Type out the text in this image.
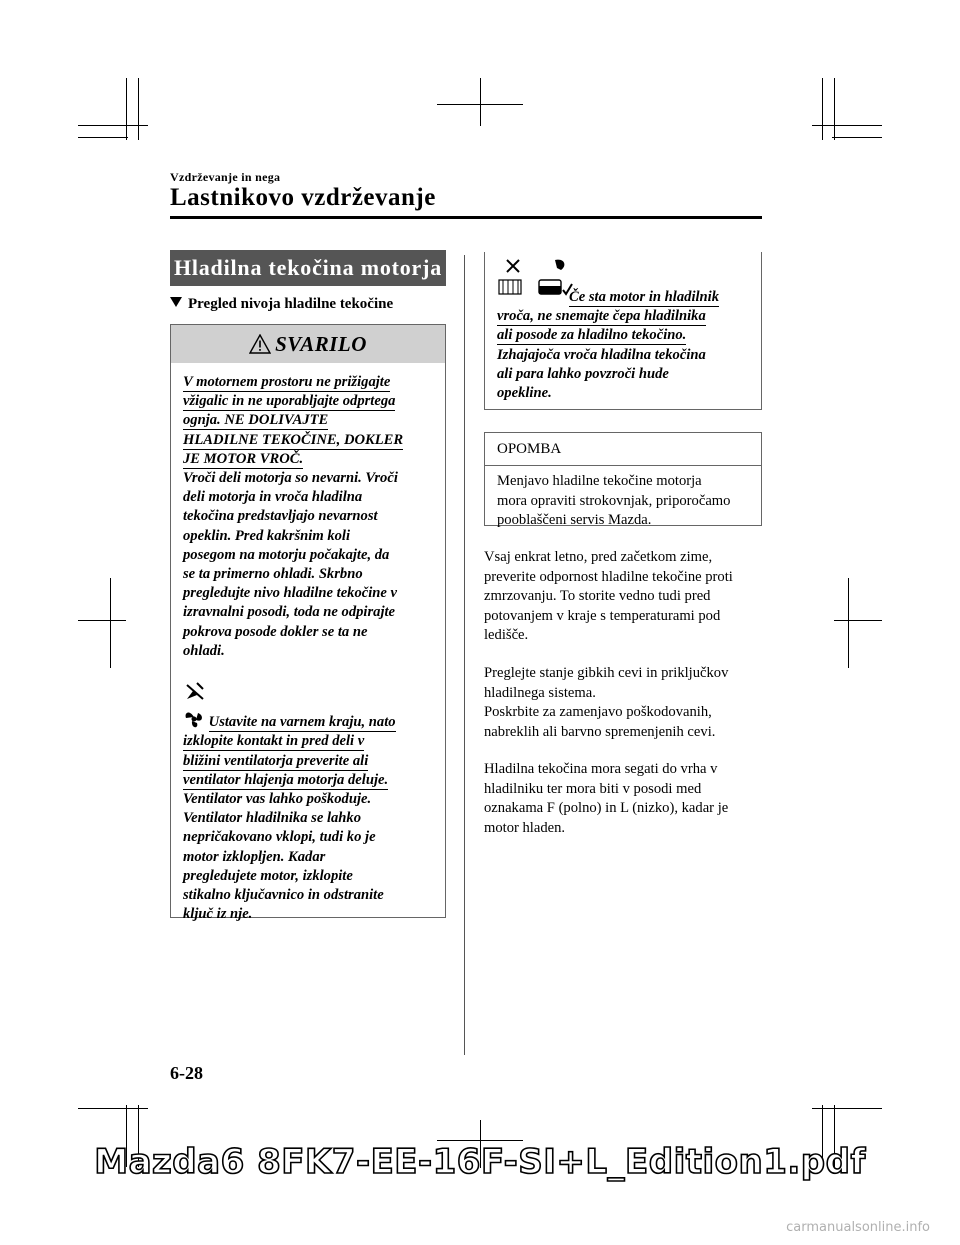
Vzdrževanje in nega
Lastnikovo vzdrževanje
Hladilna tekočina motorja
Pregled nivoja hladilne tekočine
SVARILO
V motornem prostoru ne prižigajte
vžigalic in ne uporabljajte odprtega
ognja. NE DOLIVAJTE
HLADILNE TEKOČINE, DOKLER
JE MOTOR VROČ.
Vroči deli motorja so nevarni. Vroči
deli motorja in vroča hladilna
tekočina predstavljajo nevarnost
opeklin. Pred kakršnim koli
posegom na motorju počakajte, da
se ta primerno ohladi. Skrbno
pregledujte nivo hladilne tekočine v
izravnalni posodi, toda ne odpirajte
pokrova posode dokler se ta ne
ohladi.
Ustavite na varnem kraju, nato
izklopite kontakt in pred deli v
bližini ventilatorja preverite ali
ventilator hlajenja motorja deluje.
Ventilator vas lahko poškoduje.
Ventilator hladilnika se lahko
nepričakovano vklopi, tudi ko je
motor izklopljen. Kadar
pregledujete motor, izklopite
stikalno ključavnico in odstranite
ključ iz nje.

Če sta motor in hladilnik
vroča, ne snemajte čepa hladilnika
ali posode za hladilno tekočino.
Izhajajoča vroča hladilna tekočina
ali para lahko povzroči hude
opekline.
OPOMBA
Menjavo hladilne tekočine motorja
mora opraviti strokovnjak, priporočamo
pooblaščeni servis Mazda.
Vsaj enkrat letno, pred začetkom zime,
preverite odpornost hladilne tekočine proti
zmrzovanju. To storite vedno tudi pred
potovanjem v kraje s temperaturami pod
ledišče.
Preglejte stanje gibkih cevi in priključkov
hladilnega sistema.
Poskrbite za zamenjavo poškodovanih,
nabreklih ali barvno spremenjenih cevi.
Hladilna tekočina mora segati do vrha v
hladilniku ter mora biti v posodi med
oznakama F (polno) in L (nizko), kadar je
motor hladen.
6-28
Mazda6 8FK7-EE-16F-SI+L_Edition1.pdf
carmanualsonline.info
